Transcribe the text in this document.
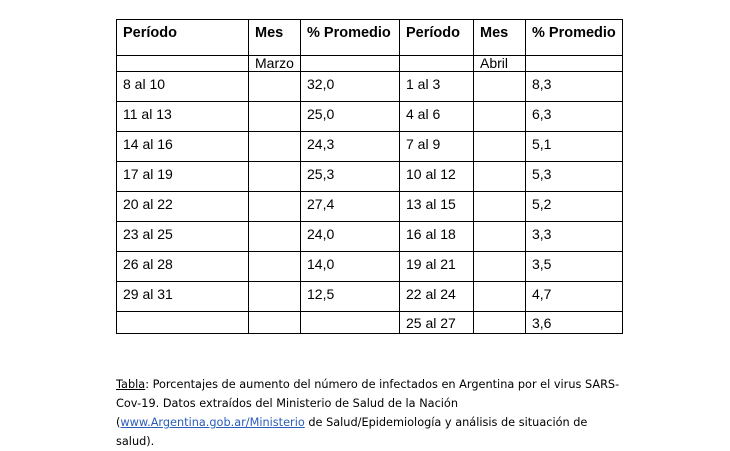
Período	Mes	% Promedio	Período	Mes	% Promedio
	Marzo			Abril	
8 al 10		32,0	1 al 3		8,3
11 al 13		25,0	4 al 6		6,3
14 al 16		24,3	7 al 9		5,1
17 al 19		25,3	10 al 12		5,3
20 al 22		27,4	13 al 15		5,2
23 al 25		24,0	16 al 18		3,3
26 al 28		14,0	19 al 21		3,5
29 al 31		12,5	22 al 24		4,7
			25 al 27		3,6
Tabla: Porcentajes de aumento del número de infectados en Argentina por el virus SARS-Cov-19. Datos extraídos del Ministerio de Salud de la Nación (www.Argentina.gob.ar/Ministerio de Salud/Epidemiología y análisis de situación de salud).
